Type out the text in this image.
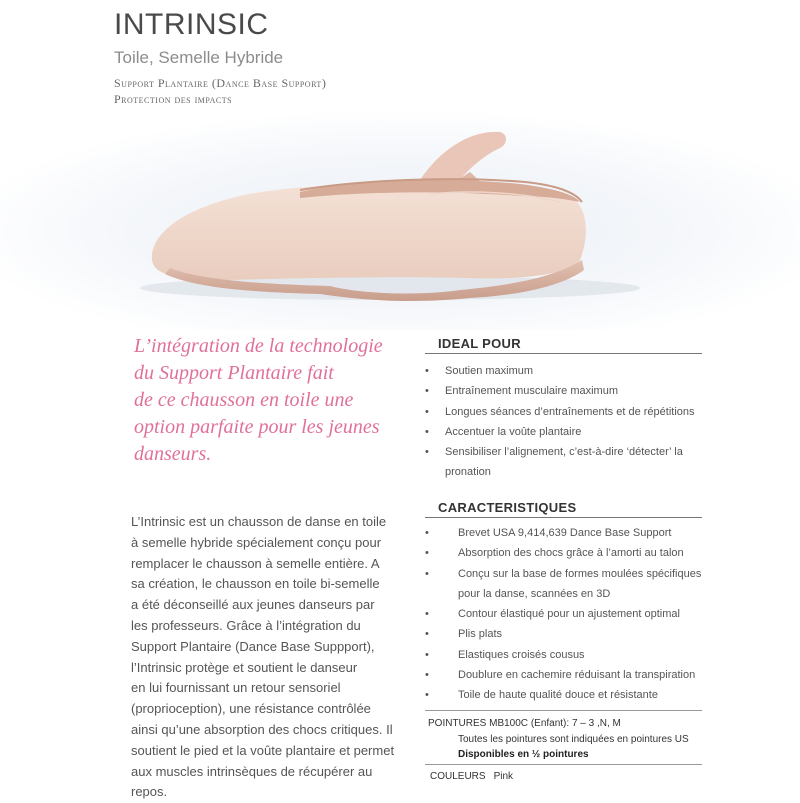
INTRINSIC
Toile, Semelle Hybride
Support Plantaire (Dance Base Support)
Protection des impacts
L’intégration de la technologie
du Support Plantaire fait
de ce chausson en toile une
option parfaite pour les jeunes
danseurs.
L’Intrinsic est un chausson de danse en toile
à semelle hybride spécialement conçu pour
remplacer le chausson à semelle entière. A
sa création, le chausson en toile bi-semelle
a été déconseillé aux jeunes danseurs par
les professeurs. Grâce à l’intégration du
Support Plantaire (Dance Base Suppport),
l’Intrinsic protège et soutient le danseur
en lui fournissant un retour sensoriel
(proprioception), une résistance contrôlée
ainsi qu’une absorption des chocs critiques. Il
soutient le pied et la voûte plantaire et permet
aux muscles intrinsèques de récupérer au
repos.
IDEAL POUR
• Soutien maximum
• Entraînement musculaire maximum
• Longues séances d’entraînements et de répétitions
• Accentuer la voûte plantaire
• Sensibiliser l’alignement, c’est-à-dire ‘détecter’ la
pronation
CARACTERISTIQUES
•	Brevet USA 9,414,639 Dance Base Support
•	Absorption des chocs grâce à l’amorti au talon
•	Conçu sur la base de formes moulées spécifiques
pour la danse, scannées en 3D
•	Contour élastiqué pour un ajustement optimal
•	Plis plats
•	Elastiques croisés cousus
•	Doublure en cachemire réduisant la transpiration
•	Toile de haute qualité douce et résistante
POINTURES MB100C (Enfant): 7 – 3 ,N, M
Toutes les pointures sont indiquées en pointures US
Disponibles en ½ pointures
COULEURS Pink
